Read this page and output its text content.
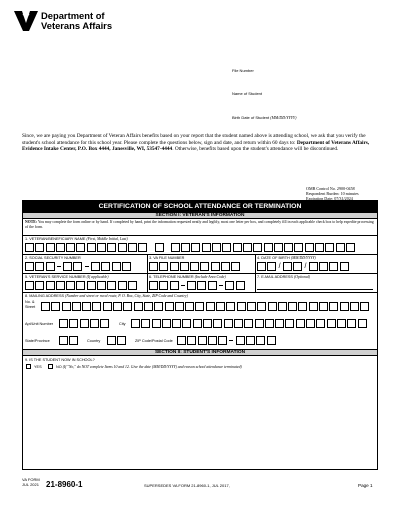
Department of
Veterans Affairs
File Number
Name of Student
Birth Date of Student (MM/DD/YYYY)
Since, we are paying you Department of Veteran Affairs benefits based on your report that the student named above is attending school, we ask that you verify the student's school attendance for this school year. Please complete the questions below, sign and date, and return within 60 days to: Department of Veterans Affairs, Evidence Intake Center, P.O. Box 4444, Janesville, WI, 53547-4444. Otherwise, benefits based upon the student's attendance will be discontinued.
OMB Control No. 2900-0458
Respondent Burden: 10 minutes
Expiration Date: 07/31/2024
CERTIFICATION OF SCHOOL ATTENDANCE OR TERMINATION
SECTION I: VETERAN'S INFORMATION
NOTE: You may complete the form online or by hand. If completed by hand, print the information requested neatly and legibly, most one letter per box, and completely fill in each applicable check box to help expedite processing of the form.
1. VETERAN/BENEFICIARY NAME (First, Middle Initial, Last)
2. SOCIAL SECURITY NUMBER	3. VA FILE NUMBER	4. DATE OF BIRTH (MM/DD/YYYY)
/	/
5. VETERAN'S SERVICE NUMBER (If applicable)	6. TELEPHONE NUMBER (Include Area Code)	7. E-MAIL ADDRESS (Optional)
8. MAILING ADDRESS (Number and street or rural route, P. O. Box, City, State, ZIP Code and Country)
No. &
Street
Apt/Unit Number	City
State/Province	Country	ZIP Code/Postal Code
SECTION II: STUDENT'S INFORMATION
9. IS THE STUDENT NOW IN SCHOOL?
YES	NO (If "No," do NOT complete Items 10 and 12. Give the date (MM/DD/YYYY) and reason school attendance terminated)
VA FORM
JUL 2021 21-8960-1	SUPERSEDES VA FORM 21-8960-1, JUL 2017,	Page 1
